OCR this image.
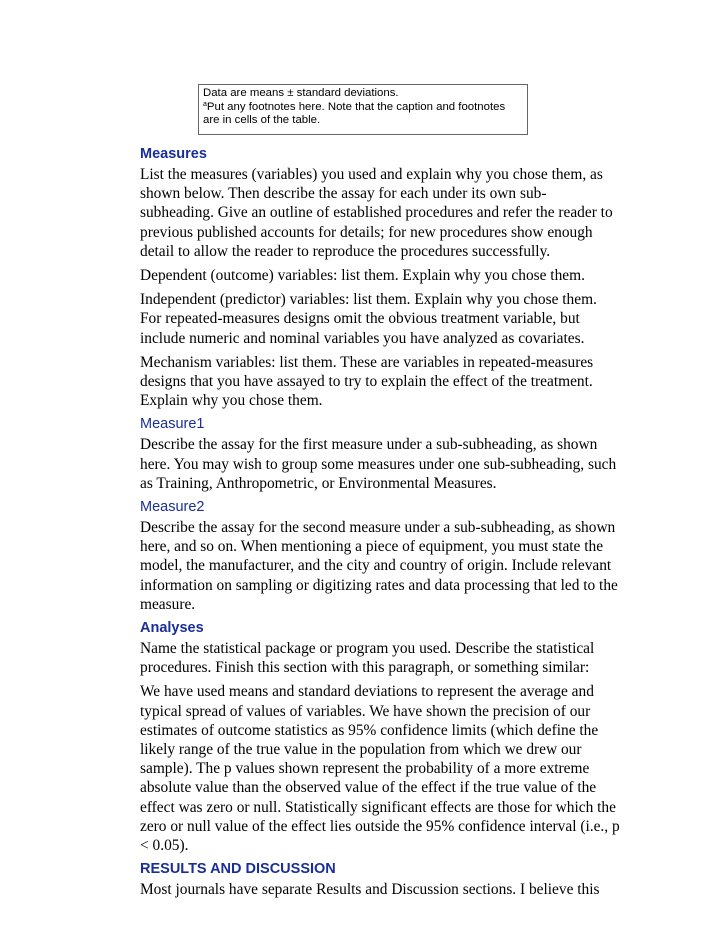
Data are means ± standard deviations.

$^a$Put any footnotes here. Note that the caption and footnotes

are in cells of the table.

Measures
List the measures (variables) you used and explain why you chose them, as
shown below. Then describe the assay for each under its own sub-
subheading. Give an outline of established procedures and refer the reader to
previous published accounts for details; for new procedures show enough
detail to allow the reader to reproduce the procedures successfully.
Dependent (outcome) variables: list them. Explain why you chose them.
Independent (predictor) variables: list them. Explain why you chose them.
For repeated-measures designs omit the obvious treatment variable, but
include numeric and nominal variables you have analyzed as covariates.
Mechanism variables: list them. These are variables in repeated-measures
designs that you have assayed to try to explain the effect of the treatment.
Explain why you chose them.
Measure1
Describe the assay for the first measure under a sub-subheading, as shown
here. You may wish to group some measures under one sub-subheading, such
as Training, Anthropometric, or Environmental Measures.
Measure2
Describe the assay for the second measure under a sub-subheading, as shown
here, and so on. When mentioning a piece of equipment, you must state the
model, the manufacturer, and the city and country of origin. Include relevant
information on sampling or digitizing rates and data processing that led to the
measure.
Analyses
Name the statistical package or program you used. Describe the statistical
procedures. Finish this section with this paragraph, or something similar:
We have used means and standard deviations to represent the average and
typical spread of values of variables. We have shown the precision of our
estimates of outcome statistics as 95% confidence limits (which define the
likely range of the true value in the population from which we drew our
sample). The p values shown represent the probability of a more extreme
absolute value than the observed value of the effect if the true value of the
effect was zero or null. Statistically significant effects are those for which the
zero or null value of the effect lies outside the 95% confidence interval (i.e., p
< 0.05).
RESULTS AND DISCUSSION
Most journals have separate Results and Discussion sections. I believe this
